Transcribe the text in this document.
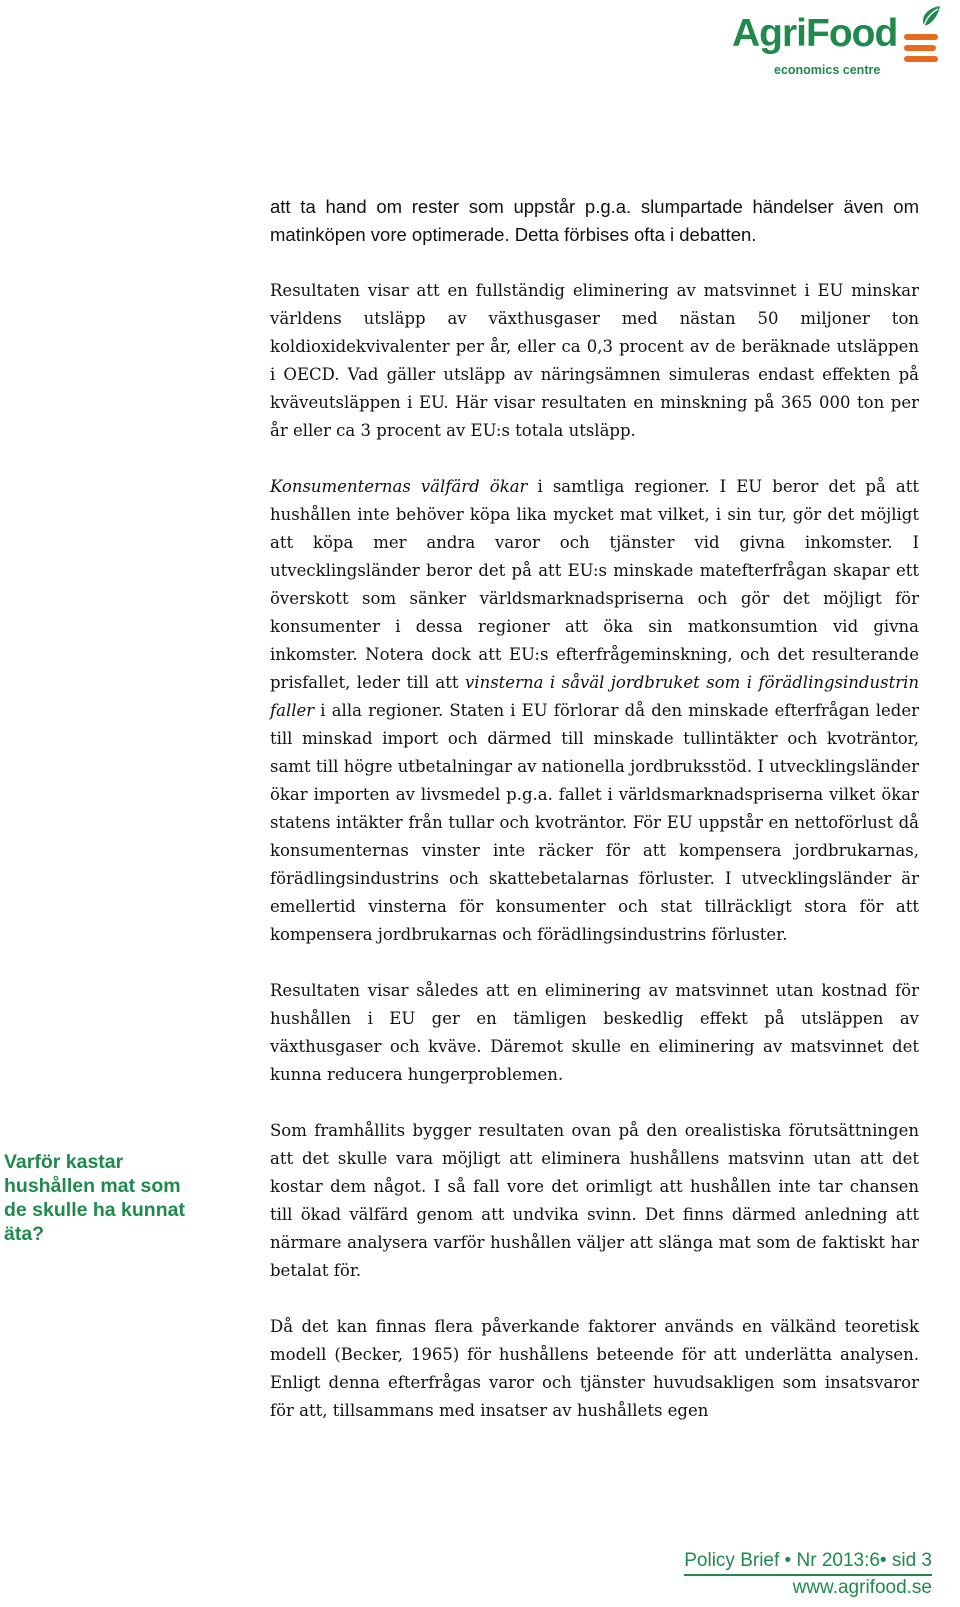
AgriFood
economics centre

att ta hand om rester som uppstår p.g.a. slumpartade händelser även om matinköpen vore optimerade. Detta förbises ofta i debatten.

Resultaten visar att en fullständig eliminering av matsvinnet i EU minskar världens utsläpp av växthusgaser med nästan 50 miljoner ton koldioxidekvivalenter per år, eller ca 0,3 procent av de beräknade utsläppen i OECD. Vad gäller utsläpp av näringsämnen simuleras endast effekten på kväveutsläppen i EU. Här visar resultaten en minskning på 365 000 ton per år eller ca 3 procent av EU:s totala utsläpp.

Konsumenternas välfärd ökar i samtliga regioner. I EU beror det på att hushållen inte behöver köpa lika mycket mat vilket, i sin tur, gör det möjligt att köpa mer andra varor och tjänster vid givna inkomster. I utvecklingsländer beror det på att EU:s minskade matefterfrågan skapar ett överskott som sänker världsmarknadspriserna och gör det möjligt för konsumenter i dessa regioner att öka sin matkonsumtion vid givna inkomster. Notera dock att EU:s efterfrågeminskning, och det resulterande prisfallet, leder till att vinsterna i såväl jordbruket som i förädlingsindustrin faller i alla regioner. Staten i EU förlorar då den minskade efterfrågan leder till minskad import och därmed till minskade tullintäkter och kvoträntor, samt till högre utbetalningar av nationella jordbruksstöd. I utvecklingsländer ökar importen av livsmedel p.g.a. fallet i världsmarknadspriserna vilket ökar statens intäkter från tullar och kvoträntor. För EU uppstår en nettoförlust då konsumenternas vinster inte räcker för att kompensera jordbrukarnas, förädlingsindustrins och skattebetalarnas förluster. I utvecklingsländer är emellertid vinsterna för konsumenter och stat tillräckligt stora för att kompensera jordbrukarnas och förädlingsindustrins förluster.

Resultaten visar således att en eliminering av matsvinnet utan kostnad för hushållen i EU ger en tämligen beskedlig effekt på utsläppen av växthusgaser och kväve. Däremot skulle en eliminering av matsvinnet det kunna reducera hungerproblemen.

Som framhållits bygger resultaten ovan på den orealistiska förutsättningen att det skulle vara möjligt att eliminera hushållens matsvinn utan att det kostar dem något. I så fall vore det orimligt att hushållen inte tar chansen till ökad välfärd genom att undvika svinn. Det finns därmed anledning att närmare analysera varför hushållen väljer att slänga mat som de faktiskt har betalat för.

Då det kan finnas flera påverkande faktorer används en välkänd teoretisk modell (Becker, 1965) för hushållens beteende för att underlätta analysen. Enligt denna efterfrågas varor och tjänster huvudsakligen som insatsvaror för att, tillsammans med insatser av hushållets egen

Varför kastar hushållen mat som de skulle ha kunnat äta?
Policy Brief • Nr 2013:6• sid 3
www.agrifood.se
